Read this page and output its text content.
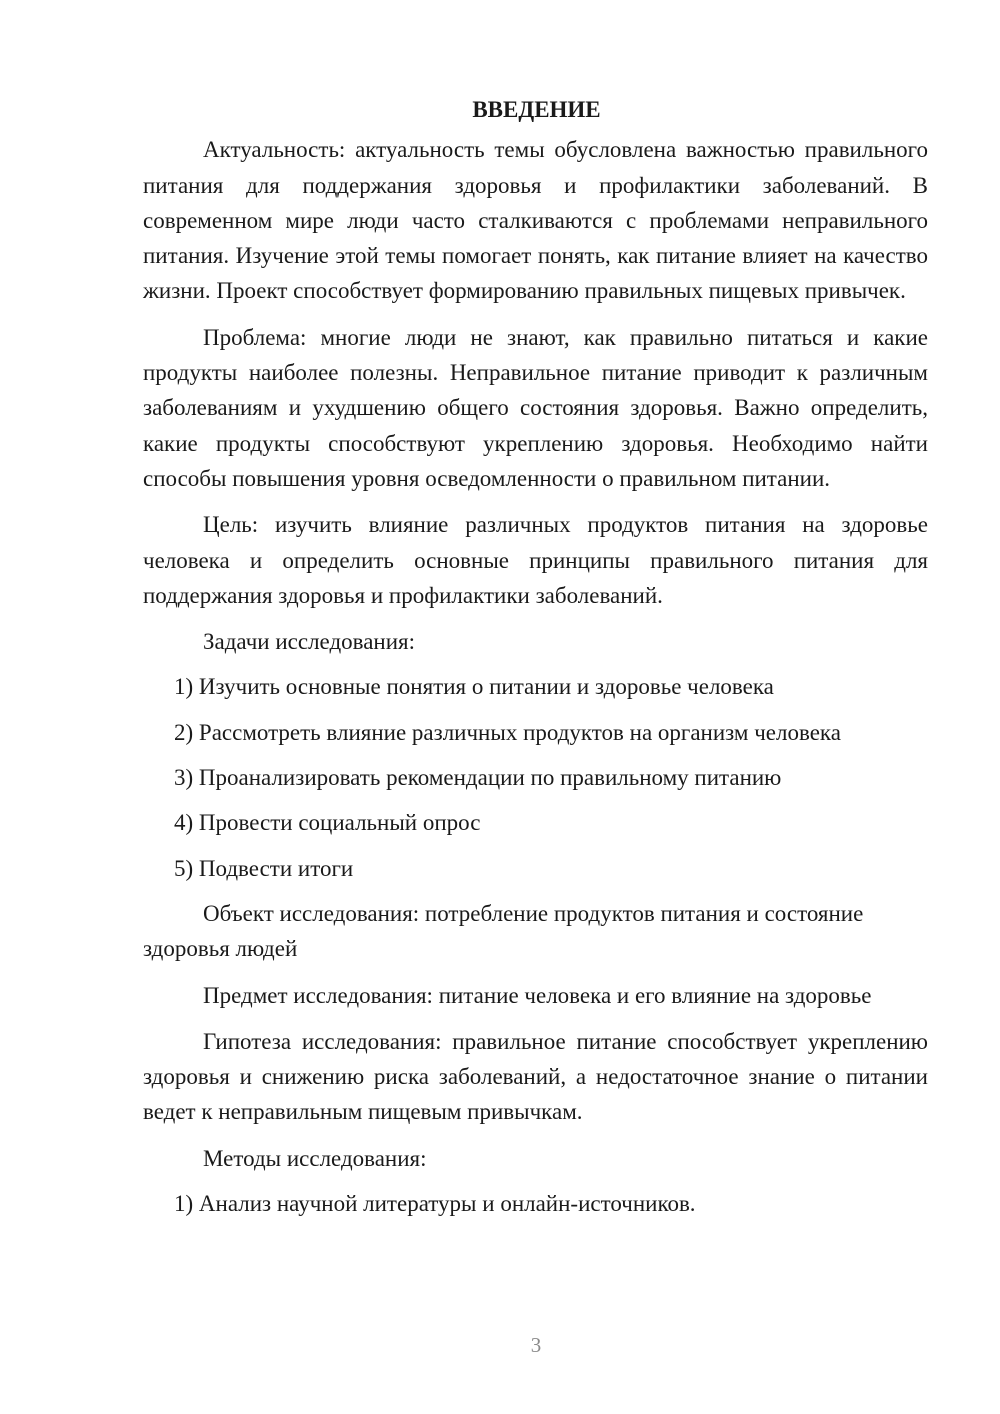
ВВЕДЕНИЕ

Актуальность: актуальность темы обусловлена важностью правильного питания для поддержания здоровья и профилактики заболеваний. В современном мире люди часто сталкиваются с проблемами неправильного питания. Изучение этой темы помогает понять, как питание влияет на качество жизни. Проект способствует формированию правильных пищевых привычек.

Проблема: многие люди не знают, как правильно питаться и какие продукты наиболее полезны. Неправильное питание приводит к различным заболеваниям и ухудшению общего состояния здоровья. Важно определить, какие продукты способствуют укреплению здоровья. Необходимо найти способы повышения уровня осведомленности о правильном питании.

Цель: изучить влияние различных продуктов питания на здоровье человека и определить основные принципы правильного питания для поддержания здоровья и профилактики заболеваний.

Задачи исследования:
1) Изучить основные понятия о питании и здоровье человека
2) Рассмотреть влияние различных продуктов на организм человека
3) Проанализировать рекомендации по правильному питанию
4) Провести социальный опрос
5) Подвести итоги

Объект исследования: потребление продуктов питания и состояние здоровья людей

Предмет исследования: питание человека и его влияние на здоровье

Гипотеза исследования: правильное питание способствует укреплению здоровья и снижению риска заболеваний, а недостаточное знание о питании ведет к неправильным пищевым привычкам.

Методы исследования:
1) Анализ научной литературы и онлайн-источников.
3
